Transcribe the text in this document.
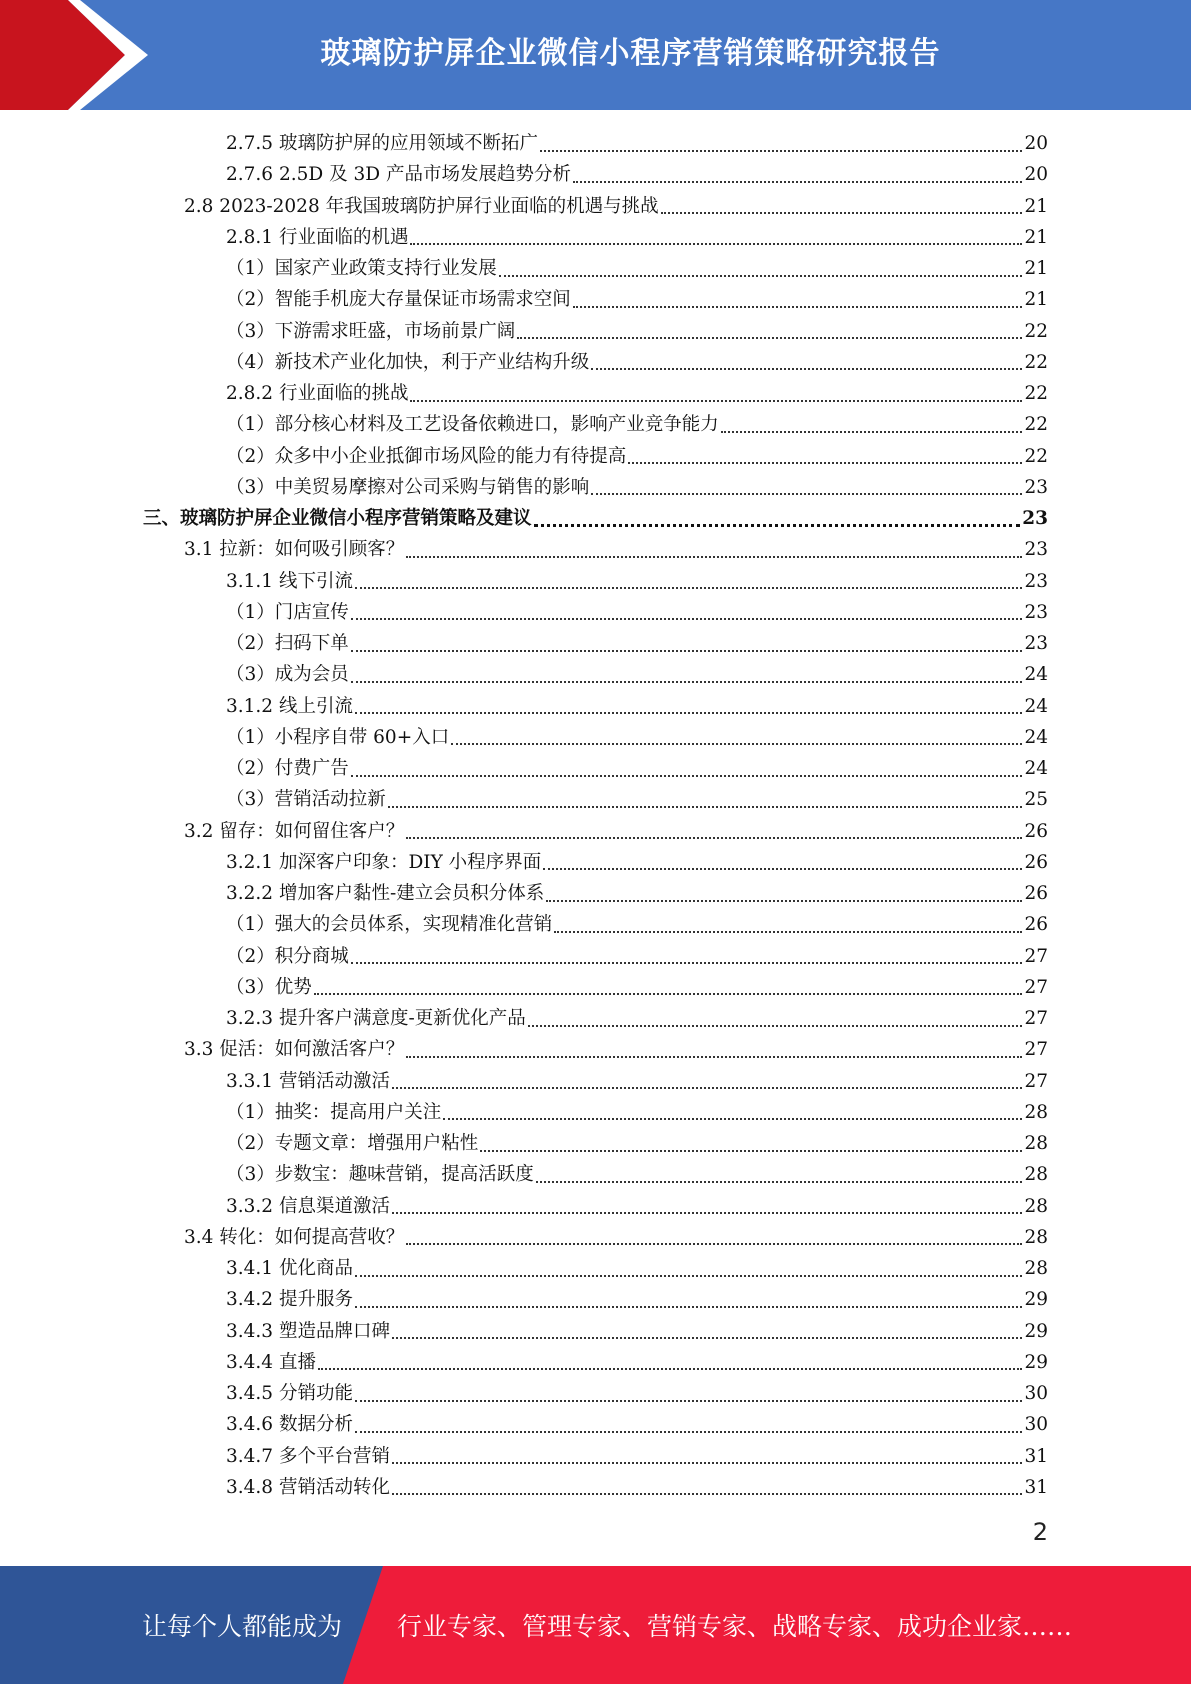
玻璃防护屏企业微信小程序营销策略研究报告
2.7.5 玻璃防护屏的应用领域不断拓广	20
2.7.6 2.5D 及 3D 产品市场发展趋势分析	20
2.8 2023-2028 年我国玻璃防护屏行业面临的机遇与挑战	21
2.8.1 行业面临的机遇	21
（1）国家产业政策支持行业发展	21
（2）智能手机庞大存量保证市场需求空间	21
（3）下游需求旺盛，市场前景广阔	22
（4）新技术产业化加快，利于产业结构升级	22
2.8.2 行业面临的挑战	22
（1）部分核心材料及工艺设备依赖进口，影响产业竞争能力	22
（2）众多中小企业抵御市场风险的能力有待提高	22
（3）中美贸易摩擦对公司采购与销售的影响	23
三、玻璃防护屏企业微信小程序营销策略及建议	23
3.1 拉新：如何吸引顾客？	23
3.1.1 线下引流	23
（1）门店宣传	23
（2）扫码下单	23
（3）成为会员	24
3.1.2 线上引流	24
（1）小程序自带 60+入口	24
（2）付费广告	24
（3）营销活动拉新	25
3.2 留存：如何留住客户？	26
3.2.1 加深客户印象：DIY 小程序界面	26
3.2.2 增加客户黏性-建立会员积分体系	26
（1）强大的会员体系，实现精准化营销	26
（2）积分商城	27
（3）优势	27
3.2.3 提升客户满意度-更新优化产品	27
3.3 促活：如何激活客户？	27
3.3.1 营销活动激活	27
（1）抽奖：提高用户关注	28
（2）专题文章：增强用户粘性	28
（3）步数宝：趣味营销，提高活跃度	28
3.3.2 信息渠道激活	28
3.4 转化：如何提高营收？	28
3.4.1 优化商品	28
3.4.2 提升服务	29
3.4.3 塑造品牌口碑	29
3.4.4 直播	29
3.4.5 分销功能	30
3.4.6 数据分析	30
3.4.7 多个平台营销	31
3.4.8 营销活动转化	31
2
让每个人都能成为 行业专家、管理专家、营销专家、战略专家、成功企业家……
